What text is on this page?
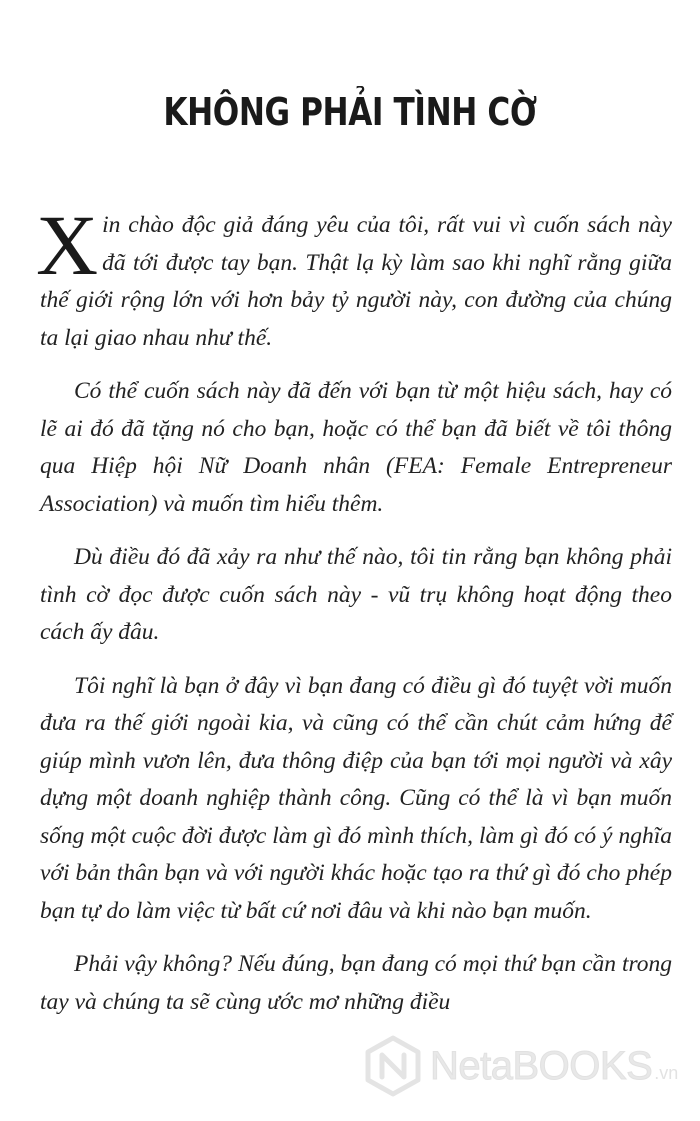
KHÔNG PHẢI TÌNH CỜ

Xin chào độc giả đáng yêu của tôi, rất vui vì cuốn sách này đã tới được tay bạn. Thật lạ kỳ làm sao khi nghĩ rằng giữa thế giới rộng lớn với hơn bảy tỷ người này, con đường của chúng ta lại giao nhau như thế.

Có thể cuốn sách này đã đến với bạn từ một hiệu sách, hay có lẽ ai đó đã tặng nó cho bạn, hoặc có thể bạn đã biết về tôi thông qua Hiệp hội Nữ Doanh nhân (FEA: Female Entrepreneur Association) và muốn tìm hiểu thêm.

Dù điều đó đã xảy ra như thế nào, tôi tin rằng bạn không phải tình cờ đọc được cuốn sách này - vũ trụ không hoạt động theo cách ấy đâu.

Tôi nghĩ là bạn ở đây vì bạn đang có điều gì đó tuyệt vời muốn đưa ra thế giới ngoài kia, và cũng có thể cần chút cảm hứng để giúp mình vươn lên, đưa thông điệp của bạn tới mọi người và xây dựng một doanh nghiệp thành công. Cũng có thể là vì bạn muốn sống một cuộc đời được làm gì đó mình thích, làm gì đó có ý nghĩa với bản thân bạn và với người khác hoặc tạo ra thứ gì đó cho phép bạn tự do làm việc từ bất cứ nơi đâu và khi nào bạn muốn.

Phải vậy không? Nếu đúng, bạn đang có mọi thứ bạn cần trong tay và chúng ta sẽ cùng ước mơ những điều

NetaBOOKS .vn
